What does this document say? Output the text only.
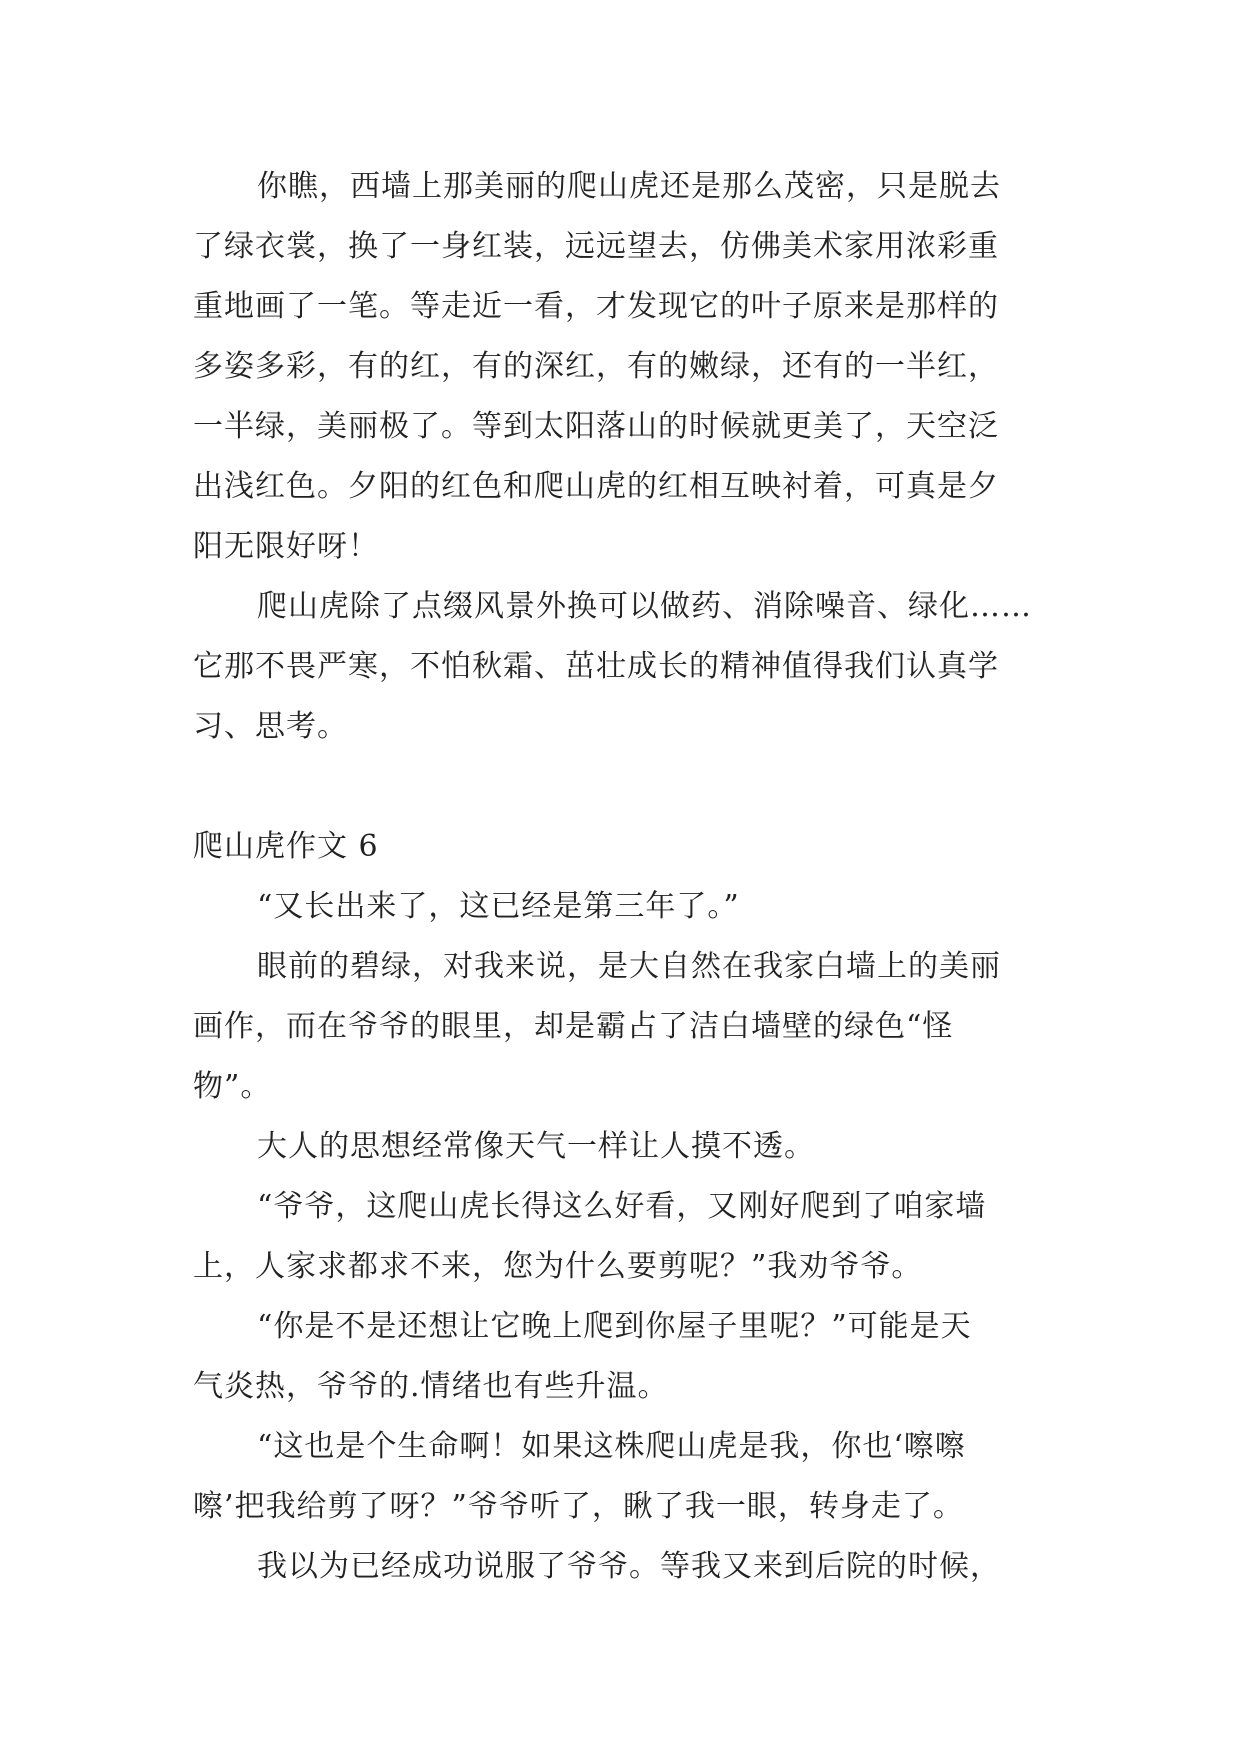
你瞧，西墙上那美丽的爬山虎还是那么茂密，只是脱去
了绿衣裳，换了一身红装，远远望去，仿佛美术家用浓彩重
重地画了一笔。等走近一看，才发现它的叶子原来是那样的
多姿多彩，有的红，有的深红，有的嫩绿，还有的一半红，
一半绿，美丽极了。等到太阳落山的时候就更美了，天空泛
出浅红色。夕阳的红色和爬山虎的红相互映衬着，可真是夕
阳无限好呀！
爬山虎除了点缀风景外换可以做药、消除噪音、绿化……
它那不畏严寒，不怕秋霜、茁壮成长的精神值得我们认真学
习、思考。
爬山虎作文 6
“又长出来了，这已经是第三年了。”
眼前的碧绿，对我来说，是大自然在我家白墙上的美丽
画作，而在爷爷的眼里，却是霸占了洁白墙壁的绿色“怪
物”。
大人的思想经常像天气一样让人摸不透。
“爷爷，这爬山虎长得这么好看，又刚好爬到了咱家墙
上，人家求都求不来，您为什么要剪呢？”我劝爷爷。
“你是不是还想让它晚上爬到你屋子里呢？”可能是天
气炎热，爷爷的.情绪也有些升温。
“这也是个生命啊！如果这株爬山虎是我，你也‘嚓嚓
嚓’把我给剪了呀？”爷爷听了，瞅了我一眼，转身走了。
我以为已经成功说服了爷爷。等我又来到后院的时候，
